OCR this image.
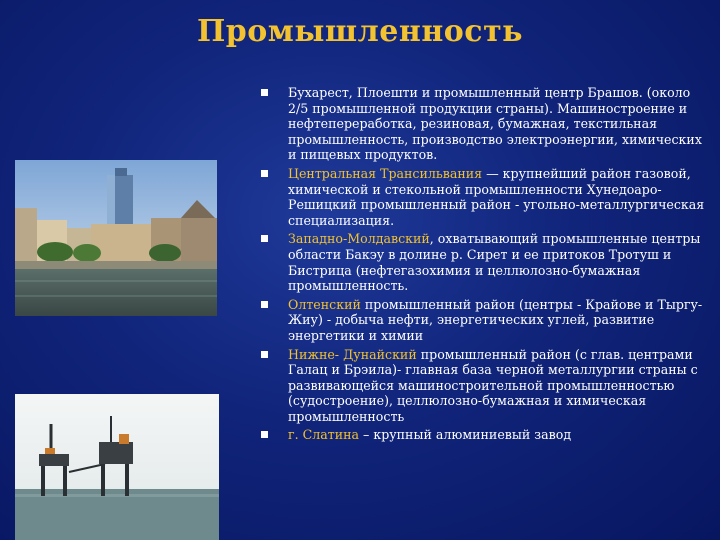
Промышленность
Бухарест, Плоешти и промышленный центр Брашов. (около 2/5 промышленной продукции страны). Машиностроение и нефтепереработка, резиновая, бумажная, текстильная промышленность, производство электроэнергии, химических и пищевых продуктов.
Центральная Трансильвания — крупнейший район газовой, химической и стекольной промышленности Хунедоаро-Решицкий промышленный район - угольно-металлургическая специализация.
Западно-Молдавский, охватывающий промышленные центры области Бакэу в долине р. Сирет и ее притоков Тротуш и Бистрица (нефтегазохимия и целлюлозно-бумажная промышленность.
Олтенский промышленный район (центры - Крайове и Тыргу-Жиу) - добыча нефти, энергетических углей, развитие энергетики и химии
Нижне- Дунайский промышленный район (с глав. центрами Галац и Брэила)- главная база черной металлургии страны с развивающейся машиностроительной промышленностью (судостроение), целлюлозно-бумажная и химическая промышленность
г. Слатина – крупный алюминиевый завод
